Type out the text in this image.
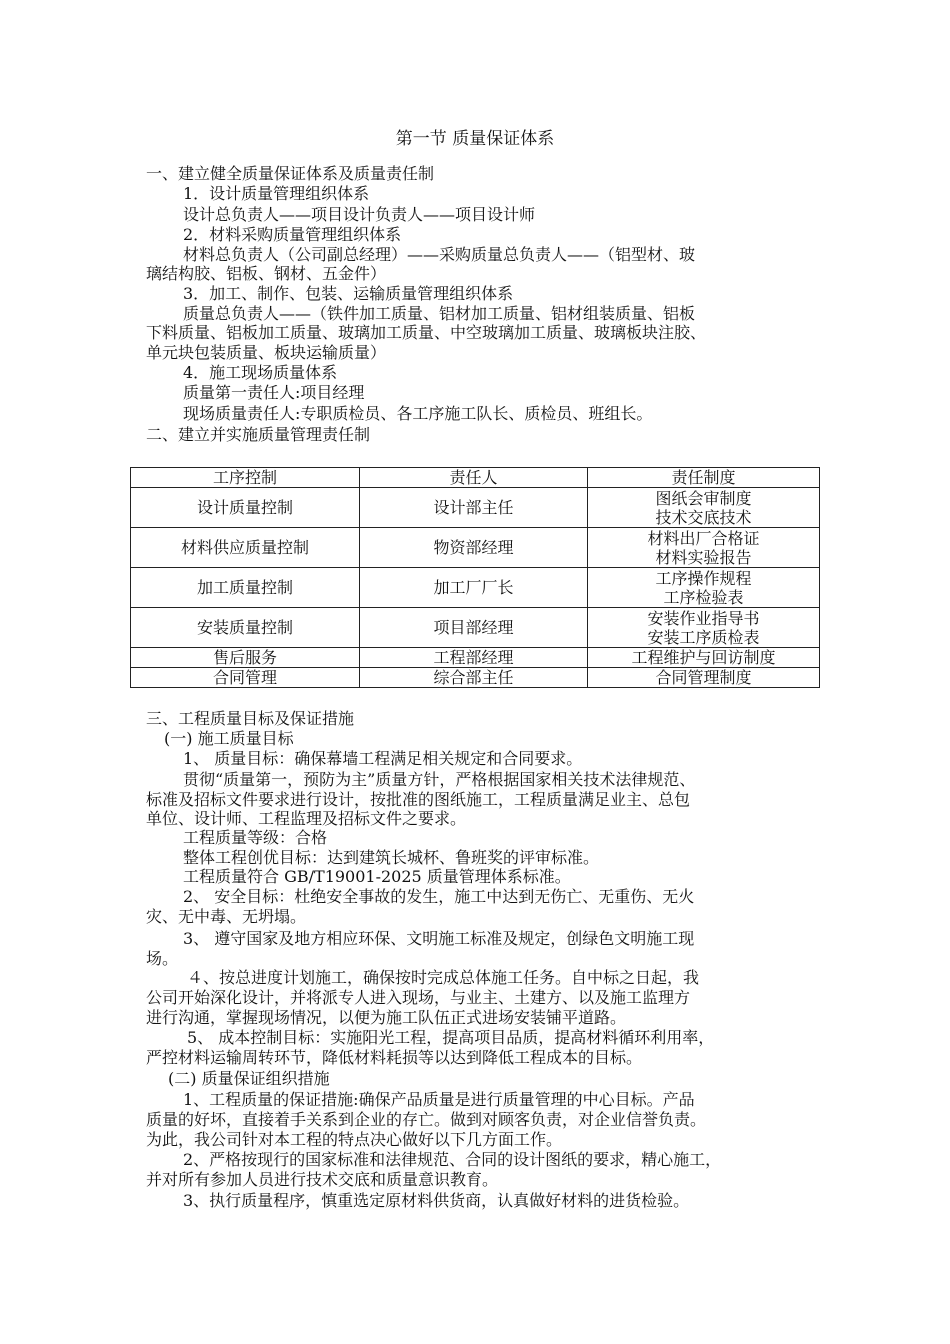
第一节 质量保证体系
一、建立健全质量保证体系及质量责任制
1．设计质量管理组织体系
设计总负责人——项目设计负责人——项目设计师
2．材料采购质量管理组织体系
材料总负责人（公司副总经理）——采购质量总负责人——（铝型材、玻
璃结构胶、铝板、钢材、五金件）
3．加工、制作、包装、运输质量管理组织体系
质量总负责人——（铁件加工质量、铝材加工质量、铝材组装质量、铝板
下料质量、铝板加工质量、玻璃加工质量、中空玻璃加工质量、玻璃板块注胶、
单元块包装质量、板块运输质量）
4．施工现场质量体系
质量第一责任人:项目经理
现场质量责任人:专职质检员、各工序施工队长、质检员、班组长。
二、建立并实施质量管理责任制
工序控制	责任人	责任制度
设计质量控制	设计部主任	图纸会审制度
技术交底技术

材料供应质量控制	物资部经理	材料出厂合格证
材料实验报告

加工质量控制	加工厂厂长	工序操作规程
工序检验表

安装质量控制	项目部经理	安装作业指导书
安装工序质检表

售后服务	工程部经理	工程维护与回访制度
合同管理	综合部主任	合同管理制度
三、工程质量目标及保证措施
(一) 施工质量目标
1、 质量目标：确保幕墙工程满足相关规定和合同要求。
贯彻“质量第一，预防为主”质量方针，严格根据国家相关技术法律规范、
标准及招标文件要求进行设计，按批准的图纸施工，工程质量满足业主、总包
单位、设计师、工程监理及招标文件之要求。
工程质量等级：合格
整体工程创优目标：达到建筑长城杯、鲁班奖的评审标准。
工程质量符合 GB/T19001-2025 质量管理体系标准。
2、 安全目标：杜绝安全事故的发生，施工中达到无伤亡、无重伤、无火
灾、无中毒、无坍塌。
3、 遵守国家及地方相应环保、文明施工标准及规定，创绿色文明施工现
场。
４、按总进度计划施工，确保按时完成总体施工任务。自中标之日起，我
公司开始深化设计，并将派专人进入现场，与业主、土建方、以及施工监理方
进行沟通，掌握现场情况，以便为施工队伍正式进场安装铺平道路。
5、 成本控制目标：实施阳光工程，提高项目品质，提高材料循环利用率，
严控材料运输周转环节，降低材料耗损等以达到降低工程成本的目标。
(二) 质量保证组织措施
1、工程质量的保证措施:确保产品质量是进行质量管理的中心目标。产品
质量的好坏，直接着手关系到企业的存亡。做到对顾客负责，对企业信誉负责。
为此，我公司针对本工程的特点决心做好以下几方面工作。
2、严格按现行的国家标准和法律规范、合同的设计图纸的要求，精心施工，
并对所有参加人员进行技术交底和质量意识教育。
3、执行质量程序，慎重选定原材料供货商，认真做好材料的进货检验。
